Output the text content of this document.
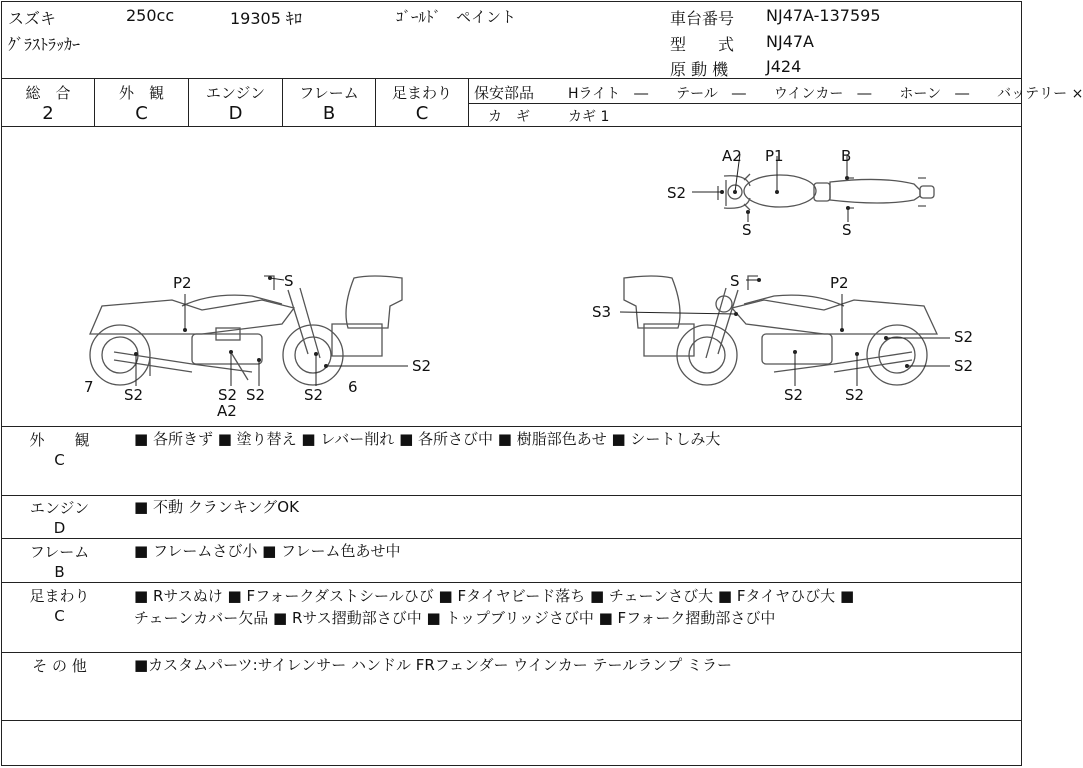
スズキ	250cc	19305 ｷﾛ	ｺﾞｰﾙﾄﾞ　ペイント
ｸﾞﾗｽﾄﾗｯｶｰ
車台番号 NJ47A-137595
型　　式 NJ47A
原 動 機 J424
総　合
2
外　観
C
エンジン
D
フレーム
B
足まわり
C
保安部品 Hライト　―　　テール　―　　ウインカー　―　　ホーン　―　　バッテリー ×
カ　ギ	カギ 1
A2 P1	B
S2
S	S
P2	S
S2	S2 S2	S2
S2
A2
7	6
S	P2
S3
S2
S2
S2	S2
外　　観
C
■ 各所きず ■ 塗り替え ■ レバー削れ ■ 各所さび中 ■ 樹脂部色あせ ■ シートしみ大
エンジン
D
■ 不動 クランキングOK
フレーム
B
■ フレームさび小 ■ フレーム色あせ中
足まわり
C
■ Rサスぬけ ■ Fフォークダストシールひび ■ Fタイヤビード落ち ■ チェーンさび大 ■ Fタイヤひび大 ■
チェーンカバー欠品 ■ Rサス摺動部さび中 ■ トップブリッジさび中 ■ Fフォーク摺動部さび中
そ の 他	■カスタムパーツ:サイレンサー ハンドル FRフェンダー ウインカー テールランプ ミラー
